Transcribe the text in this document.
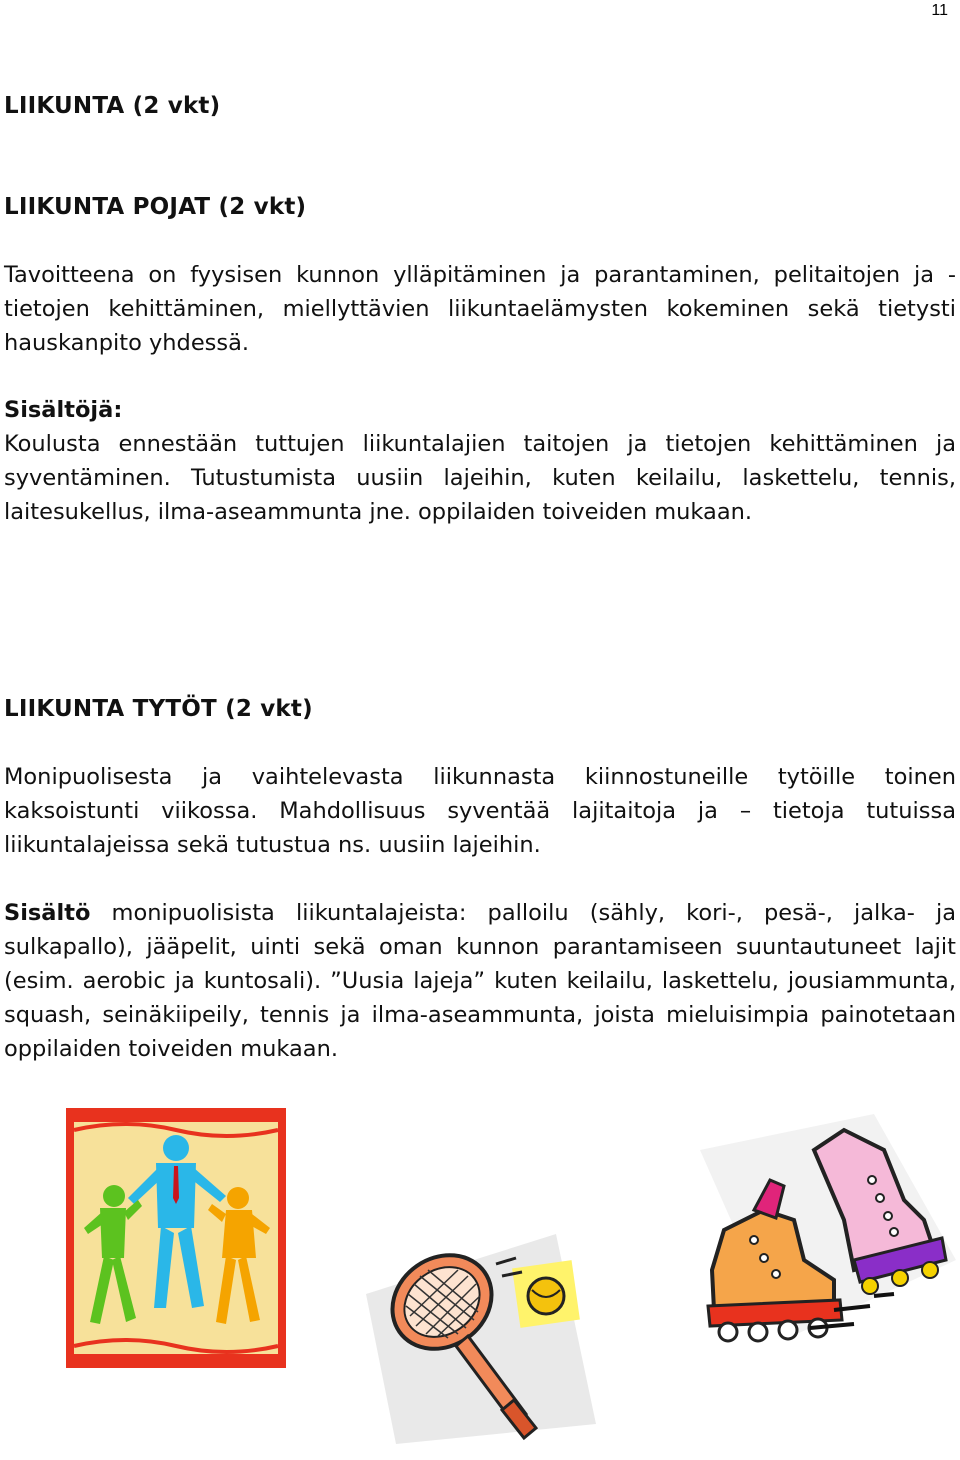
11
LIIKUNTA (2 vkt)
LIIKUNTA POJAT (2 vkt)

Tavoitteena on fyysisen kunnon ylläpitäminen ja parantaminen, pelitaitojen ja -tietojen kehittäminen, miellyttävien liikuntaelämysten kokeminen sekä tietysti hauskanpito yhdessä.

Sisältöjä:
Koulusta ennestään tuttujen liikuntalajien taitojen ja tietojen kehittäminen ja syventäminen. Tutustumista uusiin lajeihin, kuten keilailu, laskettelu, tennis, laitesukellus, ilma-aseammunta jne. oppilaiden toiveiden mukaan.

LIIKUNTA TYTÖT (2 vkt)

Monipuolisesta ja vaihtelevasta liikunnasta kiinnostuneille tytöille toinen kaksoistunti viikossa. Mahdollisuus syventää lajitaitoja ja – tietoja tutuissa liikuntalajeissa sekä tutustua ns. uusiin lajeihin.

Sisältö monipuolisista liikuntalajeista: palloilu (sähly, kori-, pesä-, jalka- ja sulkapallo), jääpelit, uinti sekä oman kunnon parantamiseen suuntautuneet lajit (esim. aerobic ja kuntosali). ”Uusia lajeja” kuten keilailu, laskettelu, jousiammunta, squash, seinäkiipeily, tennis ja ilma-aseammunta, joista mieluisimpia painotetaan oppilaiden toiveiden mukaan.
